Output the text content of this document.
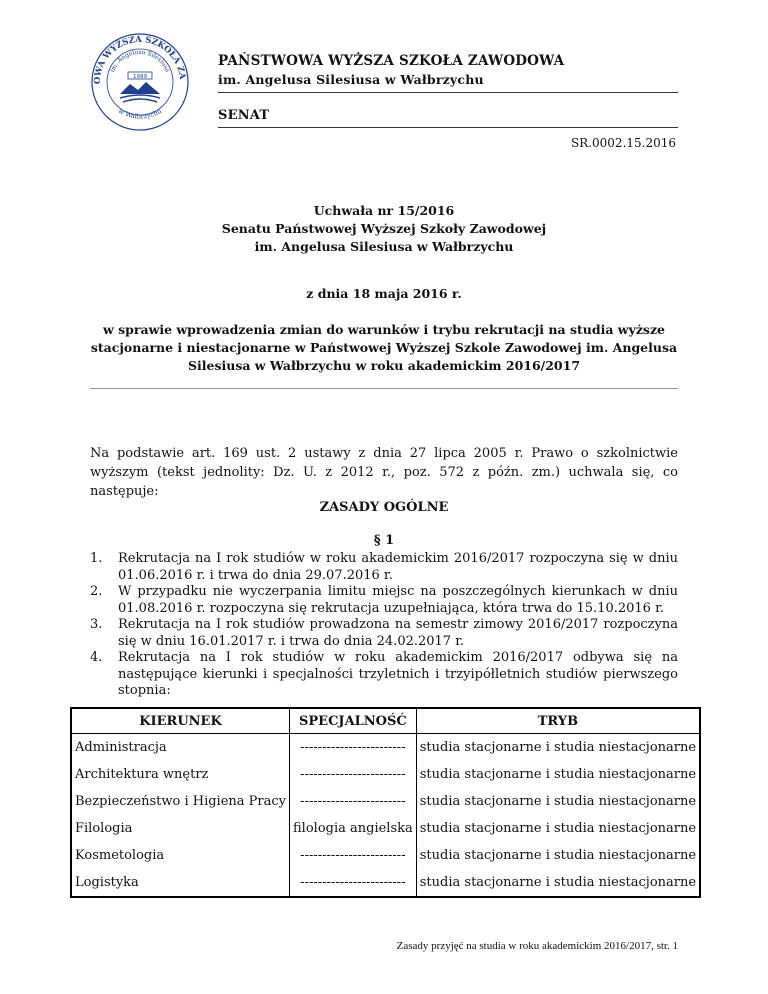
OWA WYŻSZA SZKOŁA ZA
im. Angelusa Silesiusa
w Wałbrzychu
1999
PAŃSTWOWA WYŻSZA SZKOŁA ZAWODOWA
im. Angelusa Silesiusa w Wałbrzychu
SENAT
SR.0002.15.2016
Uchwała nr 15/2016
Senatu Państwowej Wyższej Szkoły Zawodowej
im. Angelusa Silesiusa w Wałbrzychu
z dnia 18 maja 2016 r.
w sprawie wprowadzenia zmian do warunków i trybu rekrutacji na studia wyższe
stacjonarne i niestacjonarne w Państwowej Wyższej Szkole Zawodowej im. Angelusa
Silesiusa w Wałbrzychu w roku akademickim 2016/2017
Na podstawie art. 169 ust. 2 ustawy z dnia 27 lipca 2005 r. Prawo o szkolnictwie wyższym (tekst jednolity: Dz. U. z 2012 r., poz. 572 z późn. zm.) uchwala się, co następuje:
ZASADY OGÓLNE
§ 1
1. Rekrutacja na I rok studiów w roku akademickim 2016/2017 rozpoczyna się w dniu 01.06.2016 r. i trwa do dnia 29.07.2016 r.
2. W przypadku nie wyczerpania limitu miejsc na poszczególnych kierunkach w dniu 01.08.2016 r. rozpoczyna się rekrutacja uzupełniająca, która trwa do 15.10.2016 r.
3. Rekrutacja na I rok studiów prowadzona na semestr zimowy 2016/2017 rozpoczyna się w dniu 16.01.2017 r. i trwa do dnia 24.02.2017 r.
4. Rekrutacja na I rok studiów w roku akademickim 2016/2017 odbywa się na następujące kierunki i specjalności trzyletnich i trzyipółletnich studiów pierwszego stopnia:
KIERUNEK	SPECJALNOŚĆ	TRYB
Administracja	------------------------	studia stacjonarne i studia niestacjonarne
Architektura wnętrz	------------------------	studia stacjonarne i studia niestacjonarne
Bezpieczeństwo i Higiena Pracy	------------------------	studia stacjonarne i studia niestacjonarne
Filologia	filologia angielska	studia stacjonarne i studia niestacjonarne
Kosmetologia	------------------------	studia stacjonarne i studia niestacjonarne
Logistyka	------------------------	studia stacjonarne i studia niestacjonarne
Zasady przyjęć na studia w roku akademickim 2016/2017, str. 1
